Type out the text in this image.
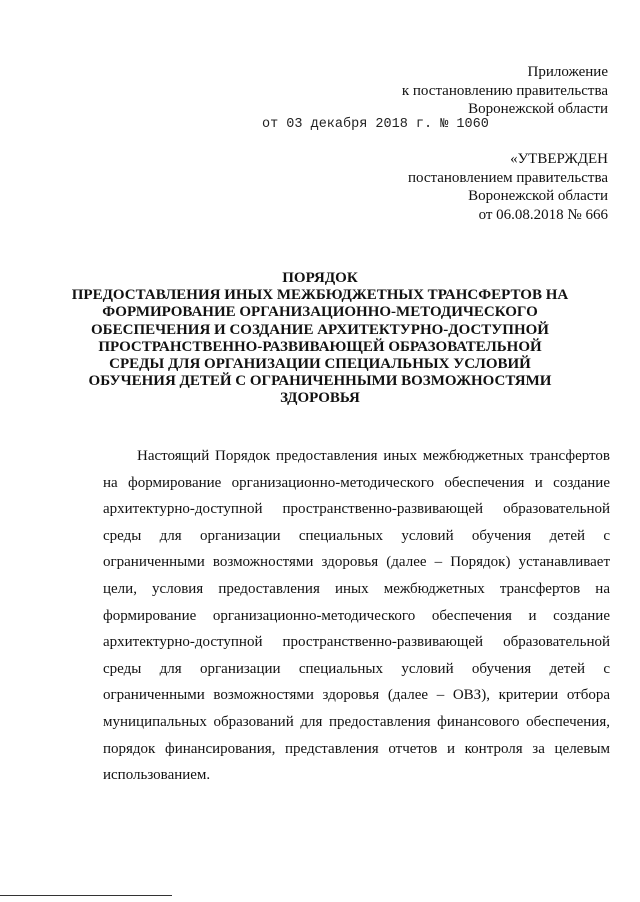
Приложение
к постановлению правительства
Воронежской области
от 03 декабря 2018 г. № 1060
«УТВЕРЖДЕН
постановлением правительства
Воронежской области
от 06.08.2018 № 666
ПОРЯДОК
ПРЕДОСТАВЛЕНИЯ ИНЫХ МЕЖБЮДЖЕТНЫХ ТРАНСФЕРТОВ НА
ФОРМИРОВАНИЕ ОРГАНИЗАЦИОННО-МЕТОДИЧЕСКОГО
ОБЕСПЕЧЕНИЯ И СОЗДАНИЕ АРХИТЕКТУРНО-ДОСТУПНОЙ
ПРОСТРАНСТВЕННО-РАЗВИВАЮЩЕЙ ОБРАЗОВАТЕЛЬНОЙ
СРЕДЫ ДЛЯ ОРГАНИЗАЦИИ СПЕЦИАЛЬНЫХ УСЛОВИЙ
ОБУЧЕНИЯ ДЕТЕЙ С ОГРАНИЧЕННЫМИ ВОЗМОЖНОСТЯМИ
ЗДОРОВЬЯ
Настоящий Порядок предоставления иных межбюджетных трансфертов
на формирование организационно-методического обеспечения и создание
архитектурно-доступной пространственно-развивающей образовательной
среды для организации специальных условий обучения детей с
ограниченными возможностями здоровья (далее – Порядок) устанавливает
цели, условия предоставления иных межбюджетных трансфертов на
формирование организационно-методического обеспечения и создание
архитектурно-доступной пространственно-развивающей образовательной
среды для организации специальных условий обучения детей с
ограниченными возможностями здоровья (далее – ОВЗ), критерии отбора
муниципальных образований для предоставления финансового обеспечения,
порядок финансирования, представления отчетов и контроля за целевым
использованием.
